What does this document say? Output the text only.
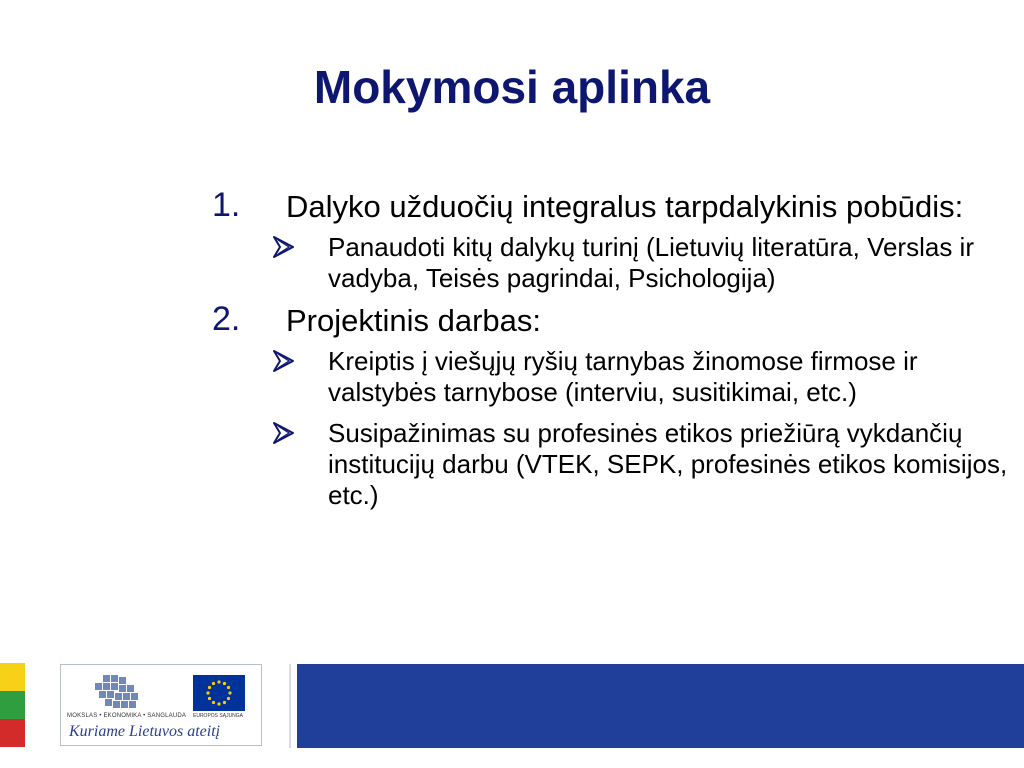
Mokymosi aplinka
1. Dalyko užduočių integralus tarpdalykinis pobūdis:
Panaudoti kitų dalykų turinį (Lietuvių literatūra, Verslas ir vadyba, Teisės pagrindai, Psichologija)
2. Projektinis darbas:
Kreiptis į viešųjų ryšių tarnybas žinomose firmose ir valstybės tarnybose (interviu, susitikimai, etc.)
Susipažinimas su profesinės etikos priežiūrą vykdančių institucijų darbu (VTEK, SEPK, profesinės etikos komisijos, etc.)
MOKSLAS • EKONOMIKA • SANGLAUDA EUROPOS SĄJUNGA
Kuriame Lietuvos ateitį
